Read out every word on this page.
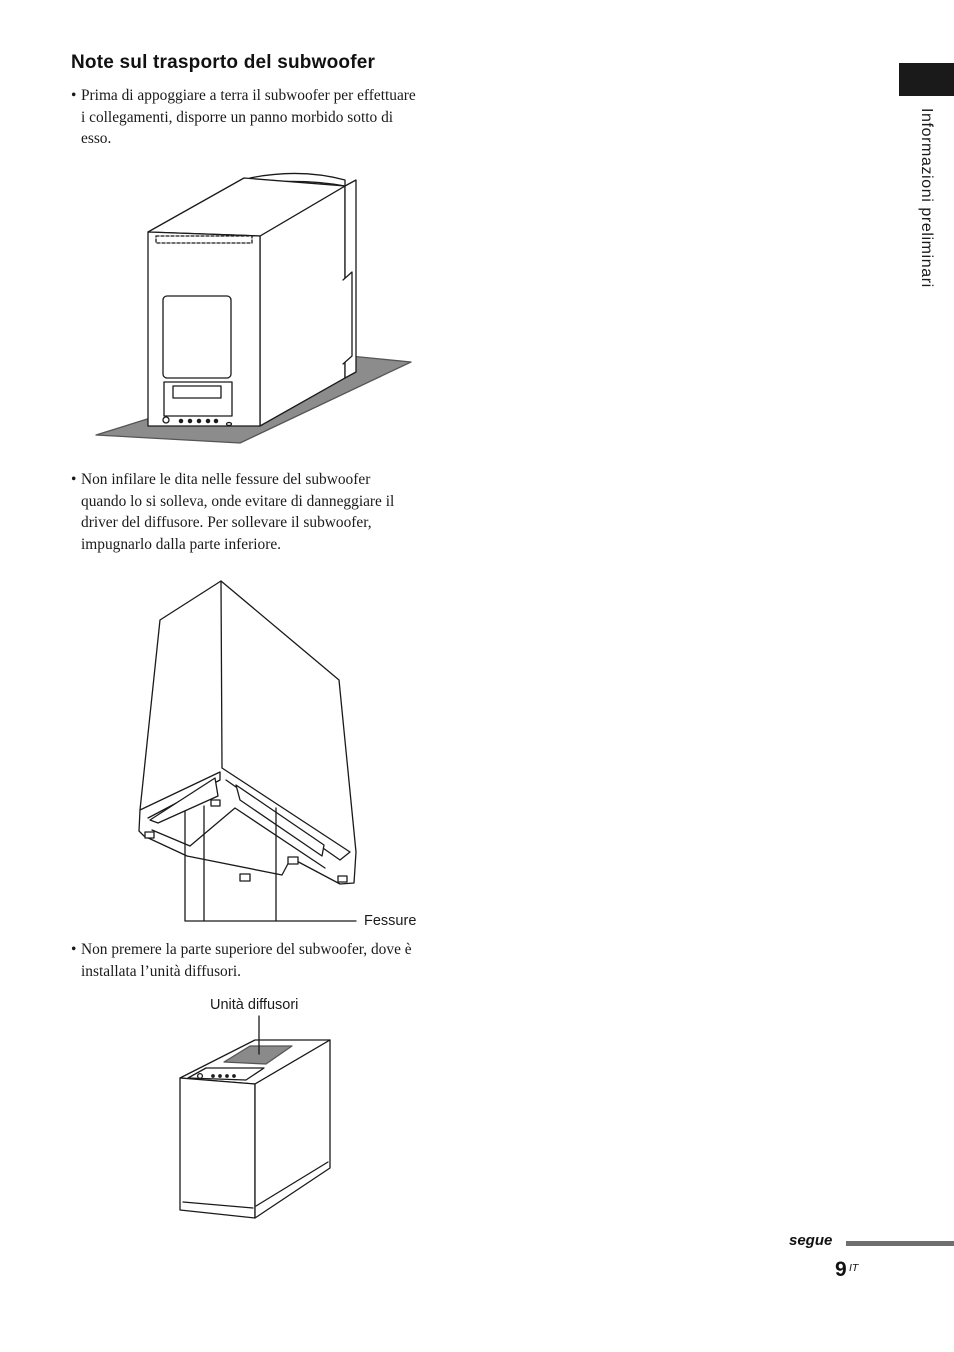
Note sul trasporto del subwoofer
• Prima di appoggiare a terra il subwoofer per effettuare
i collegamenti, disporre un panno morbido sotto di
esso.
• Non infilare le dita nelle fessure del subwoofer
quando lo si solleva, onde evitare di danneggiare il
driver del diffusore. Per sollevare il subwoofer,
impugnarlo dalla parte inferiore.
• Non premere la parte superiore del subwoofer, dove è
installata l’unità diffusori.
Fessure
Unità diffusori
Informazioni preliminari
segue
9 IT
